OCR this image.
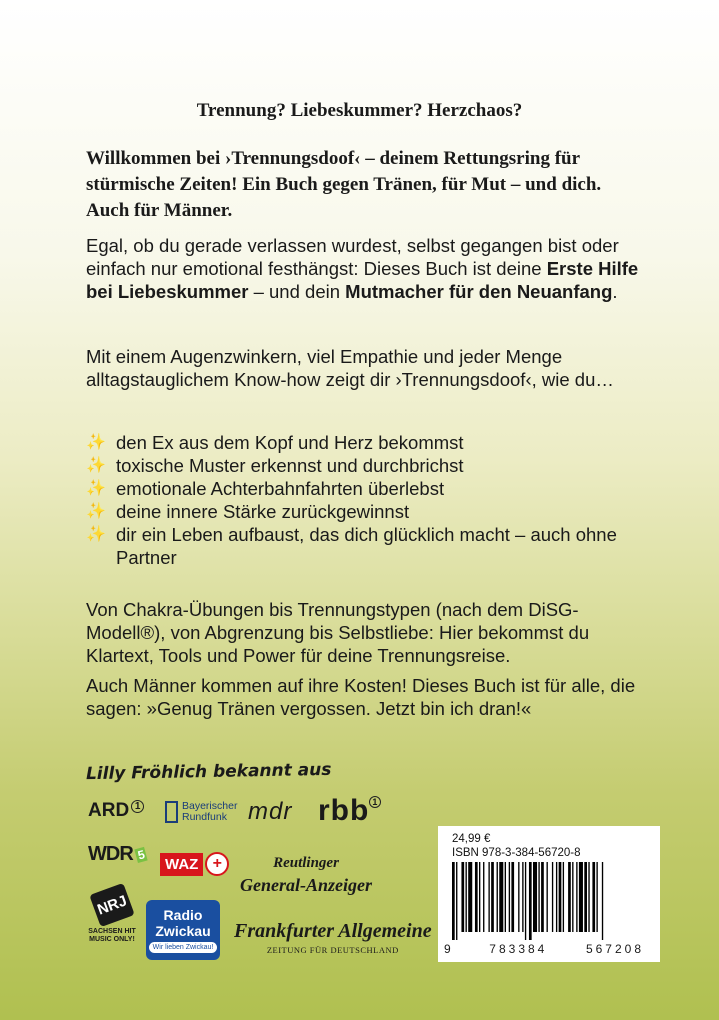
Trennung? Liebeskummer? Herzchaos?
Willkommen bei ›Trennungsdoof‹ – deinem Rettungsring für stürmische Zeiten! Ein Buch gegen Tränen, für Mut – und dich. Auch für Männer.
Egal, ob du gerade verlassen wurdest, selbst gegangen bist oder einfach nur emotional festhängst: Dieses Buch ist deine Erste Hilfe bei Liebeskummer – und dein Mutmacher für den Neuanfang.
Mit einem Augenzwinkern, viel Empathie und jeder Menge alltagstauglichem Know-how zeigt dir ›Trennungsdoof‹, wie du…
✨ den Ex aus dem Kopf und Herz bekommst
✨ toxische Muster erkennst und durchbrichst
✨ emotionale Achterbahnfahrten überlebst
✨ deine innere Stärke zurückgewinnst
✨ dir ein Leben aufbaust, das dich glücklich macht – auch ohne Partner
Von Chakra-Übungen bis Trennungstypen (nach dem DiSG-Modell®), von Abgrenzung bis Selbstliebe: Hier bekommst du Klartext, Tools und Power für deine Trennungsreise.
Auch Männer kommen auf ihre Kosten! Dieses Buch ist für alle, die sagen: »Genug Tränen vergossen. Jetzt bin ich dran!«
Lilly Fröhlich bekannt aus
ARD 1	Bayerischer
Rundfunk mdr rbb 1
WDR 5
WAZ +	Reutlinger
General-Anzeiger
NRJ
SACHSEN HIT MUSIC ONLY!
Radio
Zwickau
Wir lieben Zwickau!
Frankfurter Allgemeine
ZEITUNG FÜR DEUTSCHLAND
24,99 €
ISBN 978-3-384-56720-8
9	783384	567208
